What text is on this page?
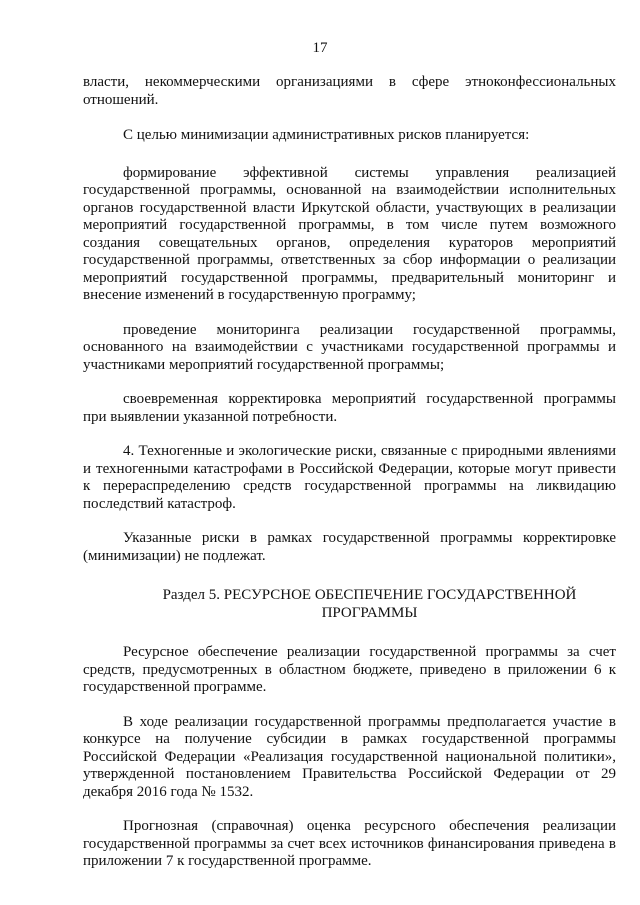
17

власти, некоммерческими организациями в сфере этноконфессиональных отношений.

С целью минимизации административных рисков планируется:

формирование эффективной системы управления реализацией государственной программы, основанной на взаимодействии исполнительных органов государственной власти Иркутской области, участвующих в реализации мероприятий государственной программы, в том числе путем возможного создания совещательных органов, определения кураторов мероприятий государственной программы, ответственных за сбор информации о реализации мероприятий государственной программы, предварительный мониторинг и внесение изменений в государственную программу;

проведение мониторинга реализации государственной программы, основанного на взаимодействии с участниками государственной программы и участниками мероприятий государственной программы;

своевременная корректировка мероприятий государственной программы при выявлении указанной потребности.

4. Техногенные и экологические риски, связанные с природными явлениями и техногенными катастрофами в Российской Федерации, которые могут привести к перераспределению средств государственной программы на ликвидацию последствий катастроф.

Указанные риски в рамках государственной программы корректировке (минимизации) не подлежат.

Раздел 5. РЕСУРСНОЕ ОБЕСПЕЧЕНИЕ ГОСУДАРСТВЕННОЙ
ПРОГРАММЫ

Ресурсное обеспечение реализации государственной программы за счет средств, предусмотренных в областном бюджете, приведено в приложении 6 к государственной программе.

В ходе реализации государственной программы предполагается участие в конкурсе на получение субсидии в рамках государственной программы Российской Федерации «Реализация государственной национальной политики», утвержденной постановлением Правительства Российской Федерации от 29 декабря 2016 года № 1532.

Прогнозная (справочная) оценка ресурсного обеспечения реализации государственной программы за счет всех источников финансирования приведена в приложении 7 к государственной программе.
